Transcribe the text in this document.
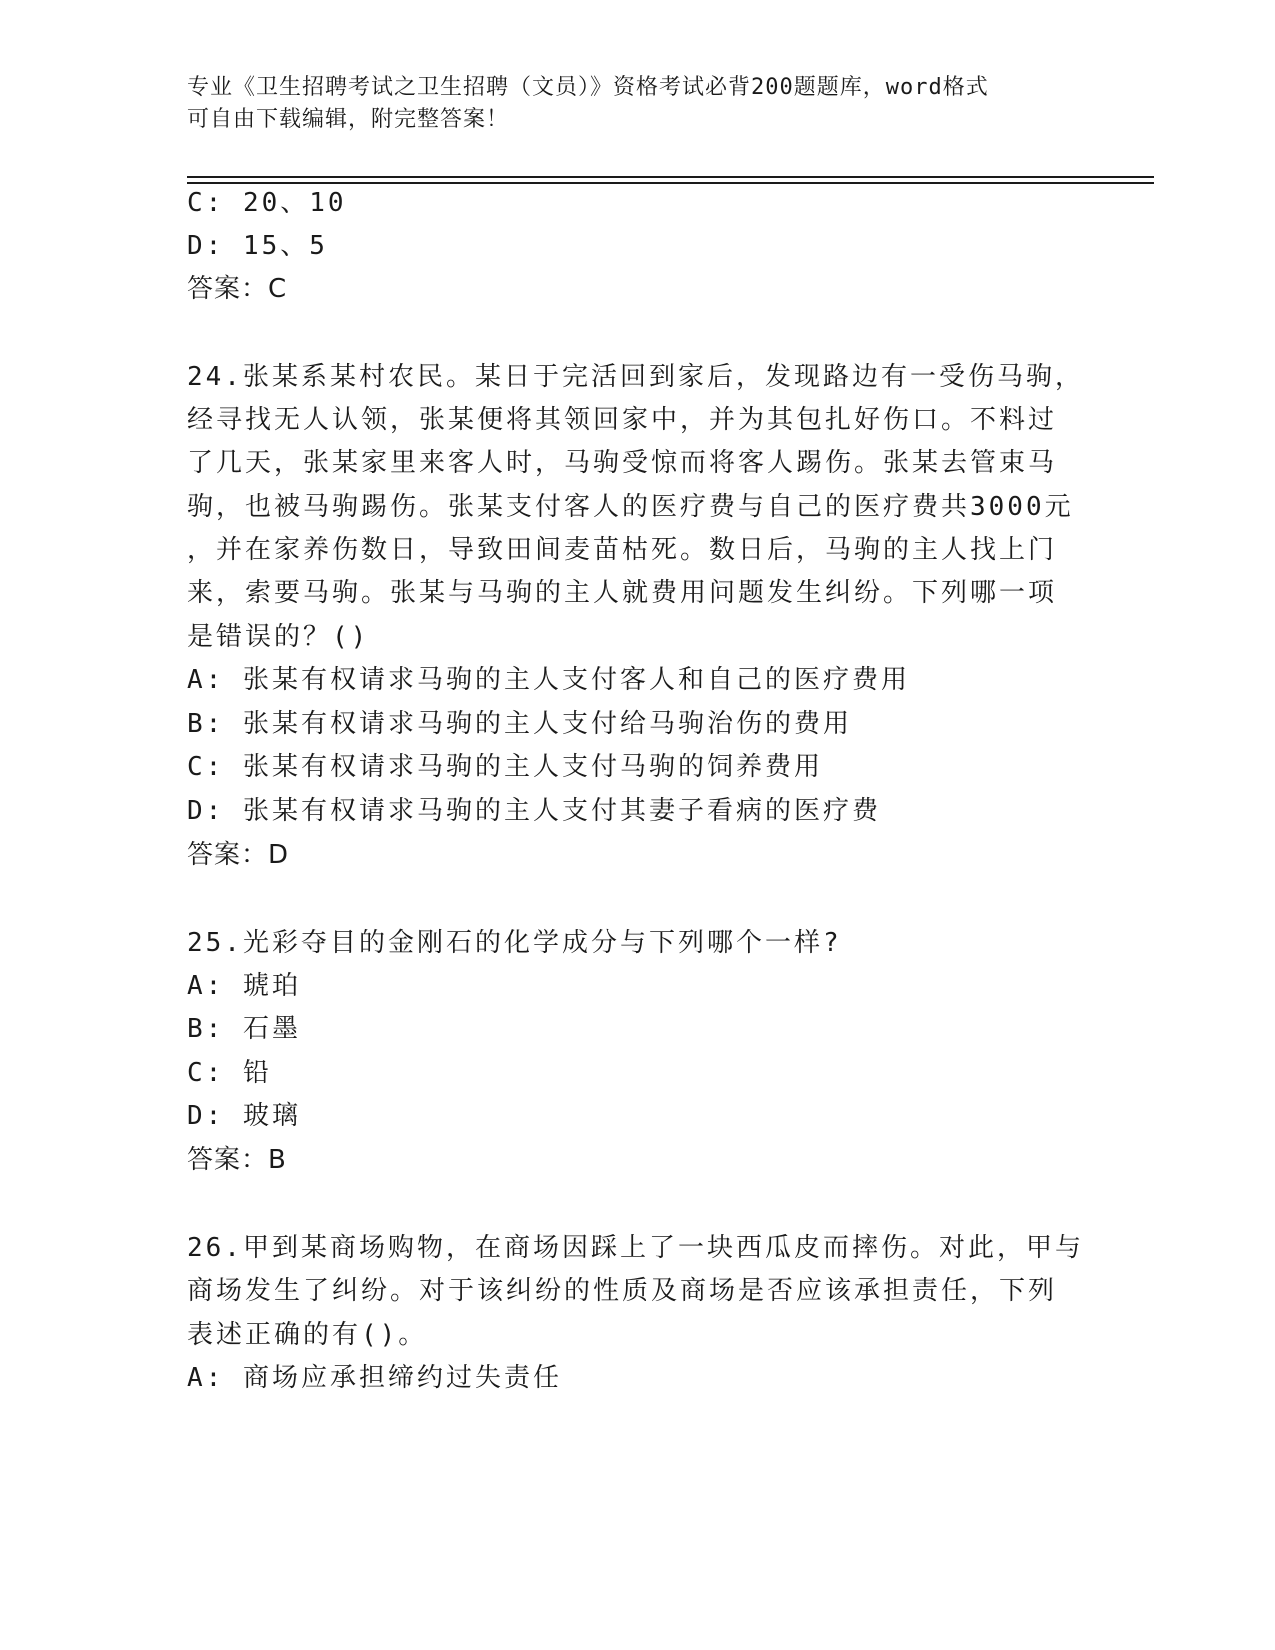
专业《卫生招聘考试之卫生招聘（文员）》资格考试必背200题题库，word格式
可自由下载编辑，附完整答案！
C: 20、10
D: 15、5
答案：C
24.张某系某村农民。某日于完活回到家后，发现路边有一受伤马驹，
经寻找无人认领，张某便将其领回家中，并为其包扎好伤口。不料过
了几天，张某家里来客人时，马驹受惊而将客人踢伤。张某去管束马
驹，也被马驹踢伤。张某支付客人的医疗费与自己的医疗费共3000元
，并在家养伤数日，导致田间麦苗枯死。数日后，马驹的主人找上门
来，索要马驹。张某与马驹的主人就费用问题发生纠纷。下列哪一项
是错误的？()
A: 张某有权请求马驹的主人支付客人和自己的医疗费用
B: 张某有权请求马驹的主人支付给马驹治伤的费用
C: 张某有权请求马驹的主人支付马驹的饲养费用
D: 张某有权请求马驹的主人支付其妻子看病的医疗费
答案：D
25.光彩夺目的金刚石的化学成分与下列哪个一样?
A: 琥珀
B: 石墨
C: 铅
D: 玻璃
答案：B
26.甲到某商场购物，在商场因踩上了一块西瓜皮而摔伤。对此，甲与
商场发生了纠纷。对于该纠纷的性质及商场是否应该承担责任，下列
表述正确的有()。
A: 商场应承担缔约过失责任
